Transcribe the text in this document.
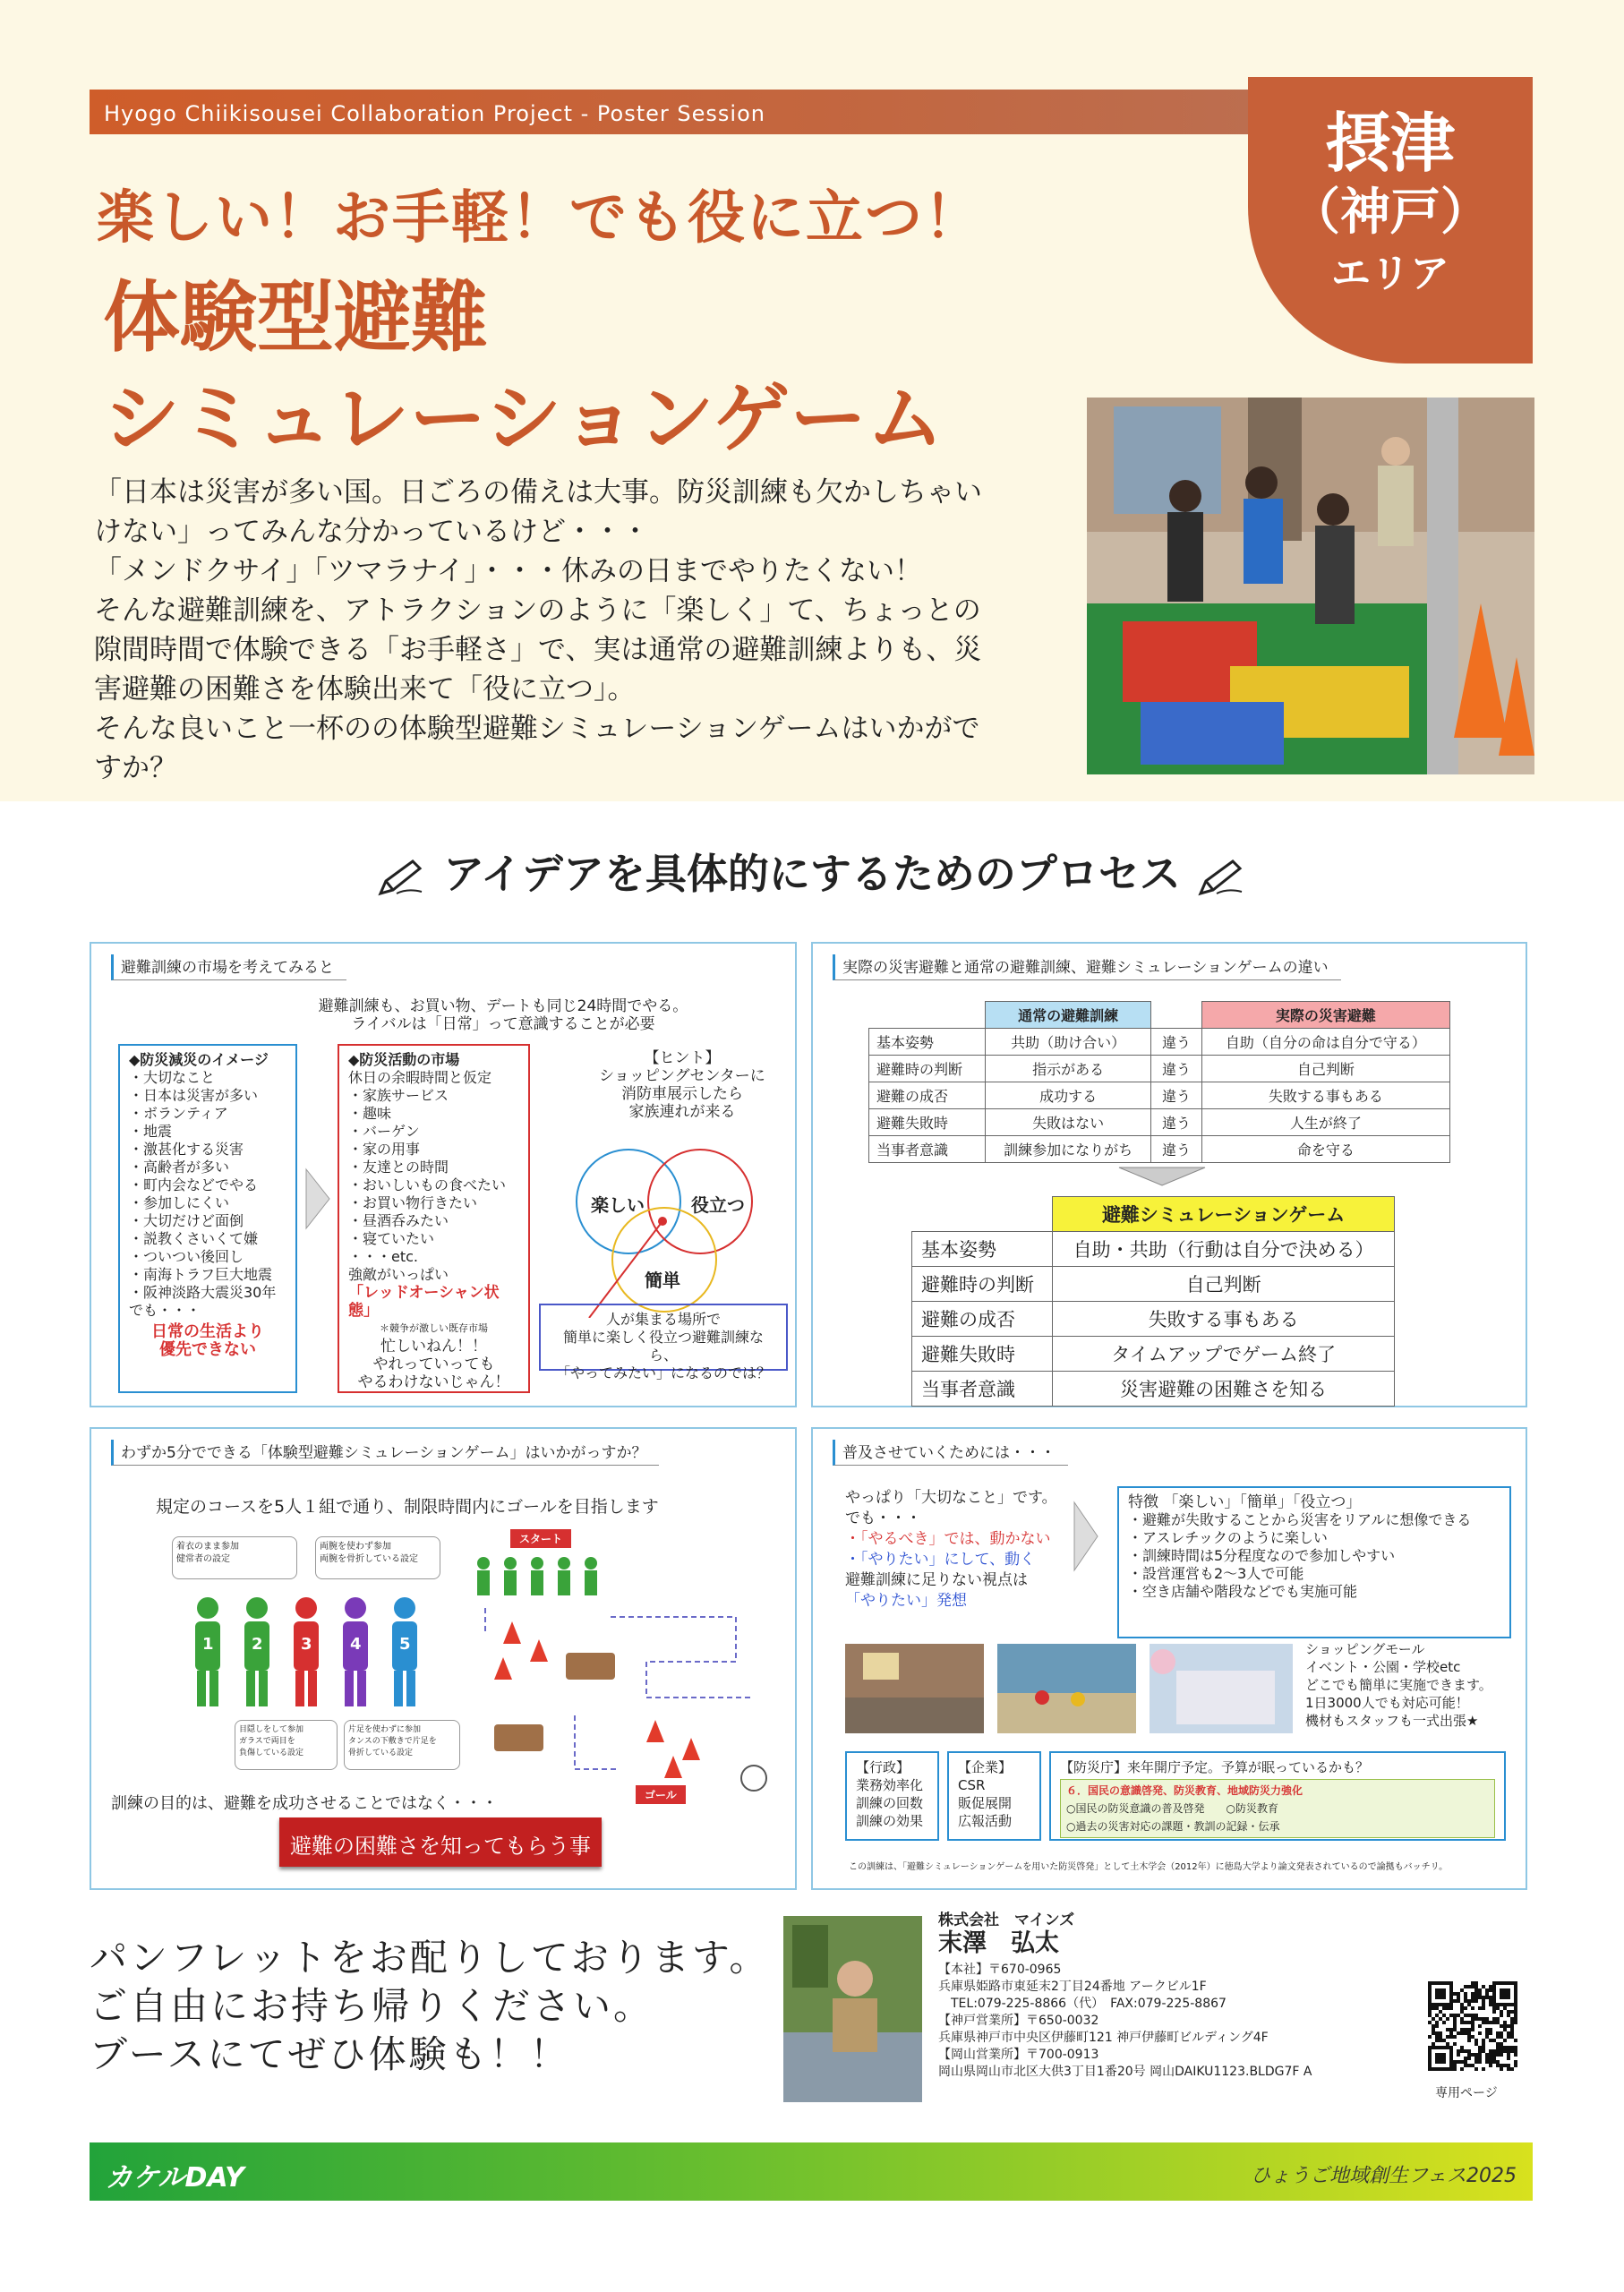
Hyogo Chiikisousei Collaboration Project - Poster Session	摂津
（神戸）
エリア
楽しい！お手軽！でも役に立つ！
体験型避難
シミュレーションゲーム

「日本は災害が多い国。日ごろの備えは大事。防災訓練も欠かしちゃいけない」ってみんな分かっているけど・・・

「メンドクサイ」「ツマラナイ」・・・休みの日までやりたくない！

そんな避難訓練を、アトラクションのように「楽しく」て、ちょっとの隙間時間で体験できる「お手軽さ」で、実は通常の避難訓練よりも、災害避難の困難さを体験出来て「役に立つ」。

そんな良いこと一杯のの体験型避難シミュレーションゲームはいかがですか？

アイデアを具体的にするためのプロセス
避難訓練の市場を考えてみると
避難訓練も、お買い物、デートも同じ24時間でやる。
ライバルは「日常」って意識することが必要
◆防災減災のイメージ
・大切なこと
・日本は災害が多い
・ボランティア
・地震
・激甚化する災害
・高齢者が多い
・町内会などでやる
・参加しにくい
・大切だけど面倒
・説教くさいくて嫌
・ついつい後回し
・南海トラフ巨大地震
・阪神淡路大震災30年でも・・・
日常の生活より
優先できない
◆防災活動の市場
休日の余暇時間と仮定
・家族サービス
・趣味
・バーゲン
・家の用事
・友達との時間
・おいしいもの食べたい
・お買い物行きたい
・昼酒呑みたい
・寝ていたい
・・・etc.
強敵がいっぱい
「レッドオーシャン状態」
＊競争が激しい既存市場
忙しいねん！！
やれっていっても
やるわけないじゃん！
【ヒント】
ショッピングセンターに
消防車展示したら
家族連れが来る
楽しい	役立つ
簡単
人が集まる場所で
簡単に楽しく役立つ避難訓練なら、
「やってみたい」になるのでは？
実際の災害避難と通常の避難訓練、避難シミュレーションゲームの違い
	通常の避難訓練		実際の災害避難
基本姿勢	共助（助け合い）	違う	自助（自分の命は自分で守る）
避難時の判断	指示がある	違う	自己判断
避難の成否	成功する	違う	失敗する事もある
避難失敗時	失敗はない	違う	人生が終了
当事者意識	訓練参加になりがち	違う	命を守る
	避難シミュレーションゲーム
基本姿勢	自助・共助（行動は自分で決める）
避難時の判断	自己判断
避難の成否	失敗する事もある
避難失敗時	タイムアップでゲーム終了
当事者意識	災害避難の困難さを知る
わずか5分でできる「体験型避難シミュレーションゲーム」はいかがっすか？
規定のコースを5人１組で通り、制限時間内にゴールを目指します
着衣のまま参加
健常者の設定
両腕を使わず参加
両腕を骨折している設定
1 2 3 4 5
目隠しをして参加
ガラスで両目を
負傷している設定
片足を使わずに参加
タンスの下敷きで片足を
骨折している設定
スタート
ゴール
訓練の目的は、避難を成功させることではなく・・・
避難の困難さを知ってもらう事
普及させていくためには・・・
やっぱり「大切なこと」です。
でも・・・
・「やるべき」では、動かない
・「やりたい」にして、動く
避難訓練に足りない視点は
「やりたい」発想
特徴 「楽しい」「簡単」「役立つ」
・避難が失敗することから災害をリアルに想像できる
・アスレチックのように楽しい
・訓練時間は5分程度なので参加しやすい
・設営運営も2～3人で可能
・空き店舗や階段などでも実施可能
ショッピングモール
イベント・公園・学校etc
どこでも簡単に実施できます。
1日3000人でも対応可能！
機材もスタッフも一式出張★
【行政】
業務効率化
訓練の回数
訓練の効果
【企業】
CSR
販促展開
広報活動
【防災庁】来年開庁予定。予算が眠っているかも？
６．国民の意識啓発、防災教育、地域防災力強化
○国民の防災意識の普及啓発　　○防災教育
○過去の災害対応の課題・教訓の記録・伝承
この訓練は、「避難シミュレーションゲームを用いた防災啓発」として土木学会（2012年）に徳島大学より論文発表されているので論拠もバッチリ。

パンフレットをお配りしております。

ご自由にお持ち帰りください。

ブースにてぜひ体験も！！

株式会社　マインズ
末澤　弘太
【本社】〒670-0965
兵庫県姫路市東延末2丁目24番地 アークビル1F
　TEL:079-225-8866（代）　FAX:079-225-8867
【神戸営業所】〒650-0032
兵庫県神戸市中央区伊藤町121 神戸伊藤町ビルディング4F
【岡山営業所】〒700-0913
岡山県岡山市北区大供3丁目1番20号 岡山DAIKU1123.BLDG7F A
専用ページ
カケルDAY	ひょうご地域創生フェス2025
